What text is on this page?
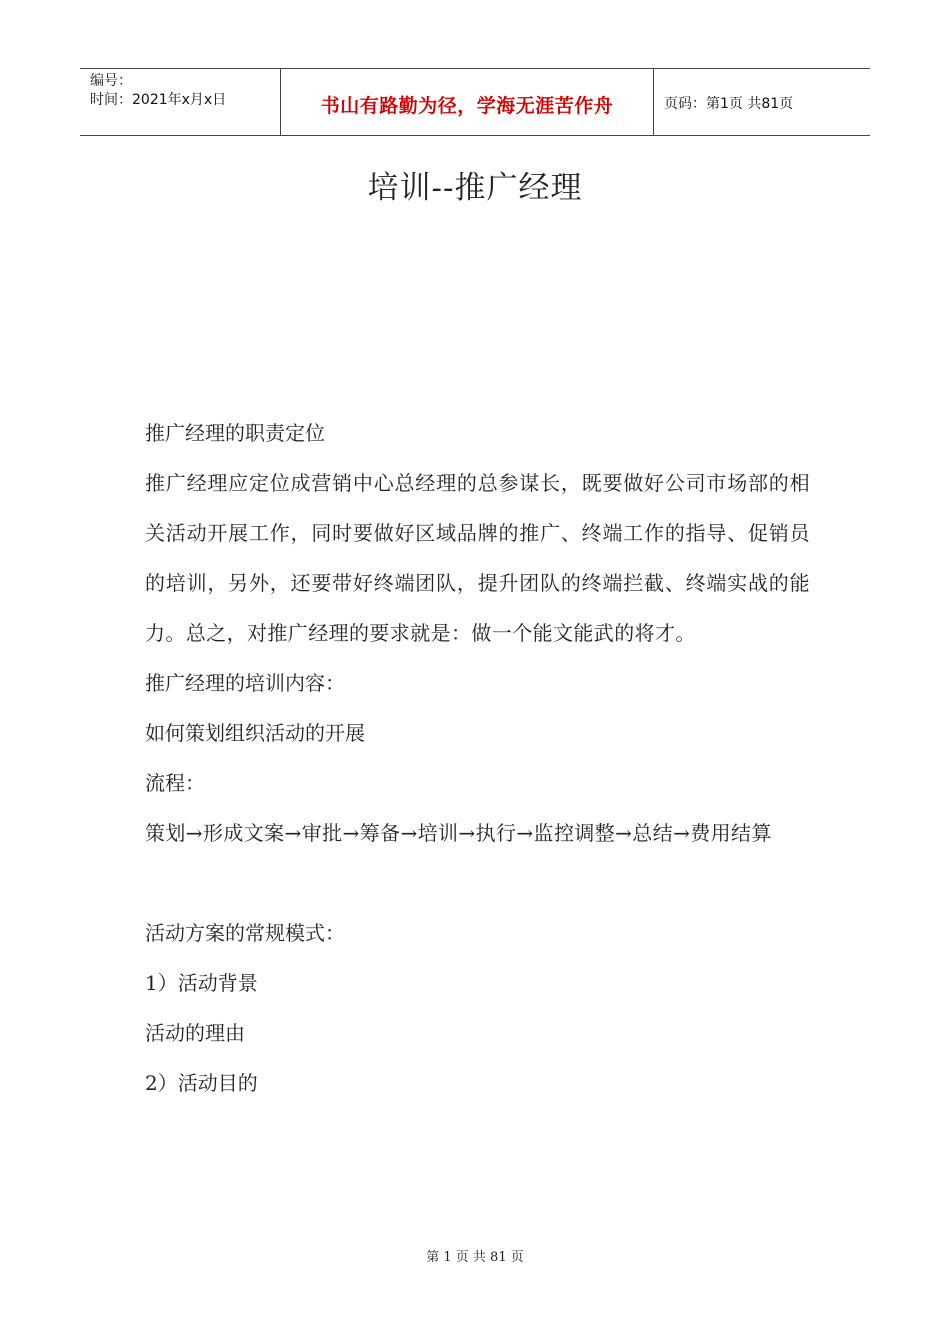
编号：
时间：2021年x月x日	书山有路勤为径，学海无涯苦作舟	页码：第1页 共81页
培训--推广经理

推广经理的职责定位

推广经理应定位成营销中心总经理的总参谋长，既要做好公司市场部的相关活动开展工作，同时要做好区域品牌的推广、终端工作的指导、促销员的培训，另外，还要带好终端团队，提升团队的终端拦截、终端实战的能力。总之，对推广经理的要求就是：做一个能文能武的将才。

推广经理的培训内容：

如何策划组织活动的开展

流程：

策划→形成文案→审批→筹备→培训→执行→监控调整→总结→费用结算

活动方案的常规模式：

1）活动背景

活动的理由

2）活动目的

第 1 页 共 81 页
